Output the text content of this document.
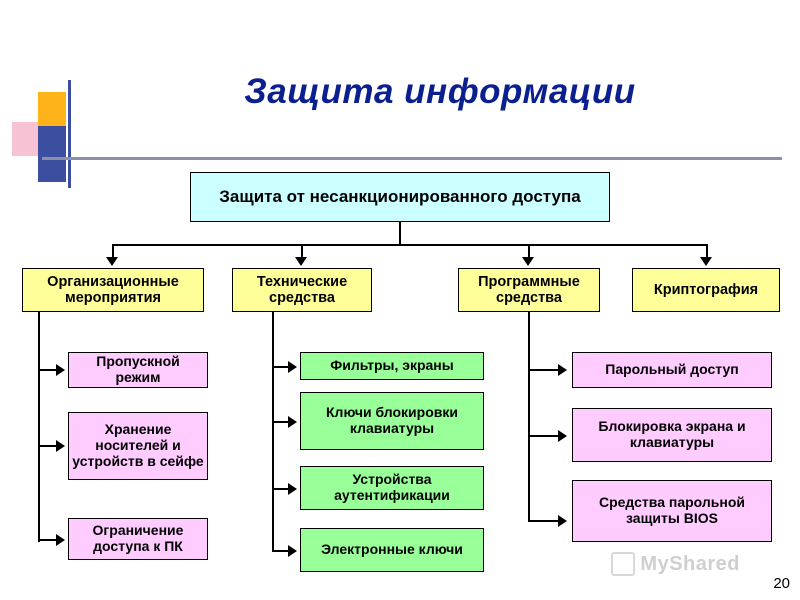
Защита информации
Защита от несанкционированного доступа
Организационные мероприятия
Технические средства
Программные средства
Криптография
Пропускной режим
Хранение носителей и устройств в сейфе
Ограничение доступа к ПК
Фильтры, экраны
Ключи блокировки клавиатуры
Устройства аутентификации
Электронные ключи
Парольный доступ
Блокировка экрана и клавиатуры
Средства парольной защиты BIOS
MyShared
20
